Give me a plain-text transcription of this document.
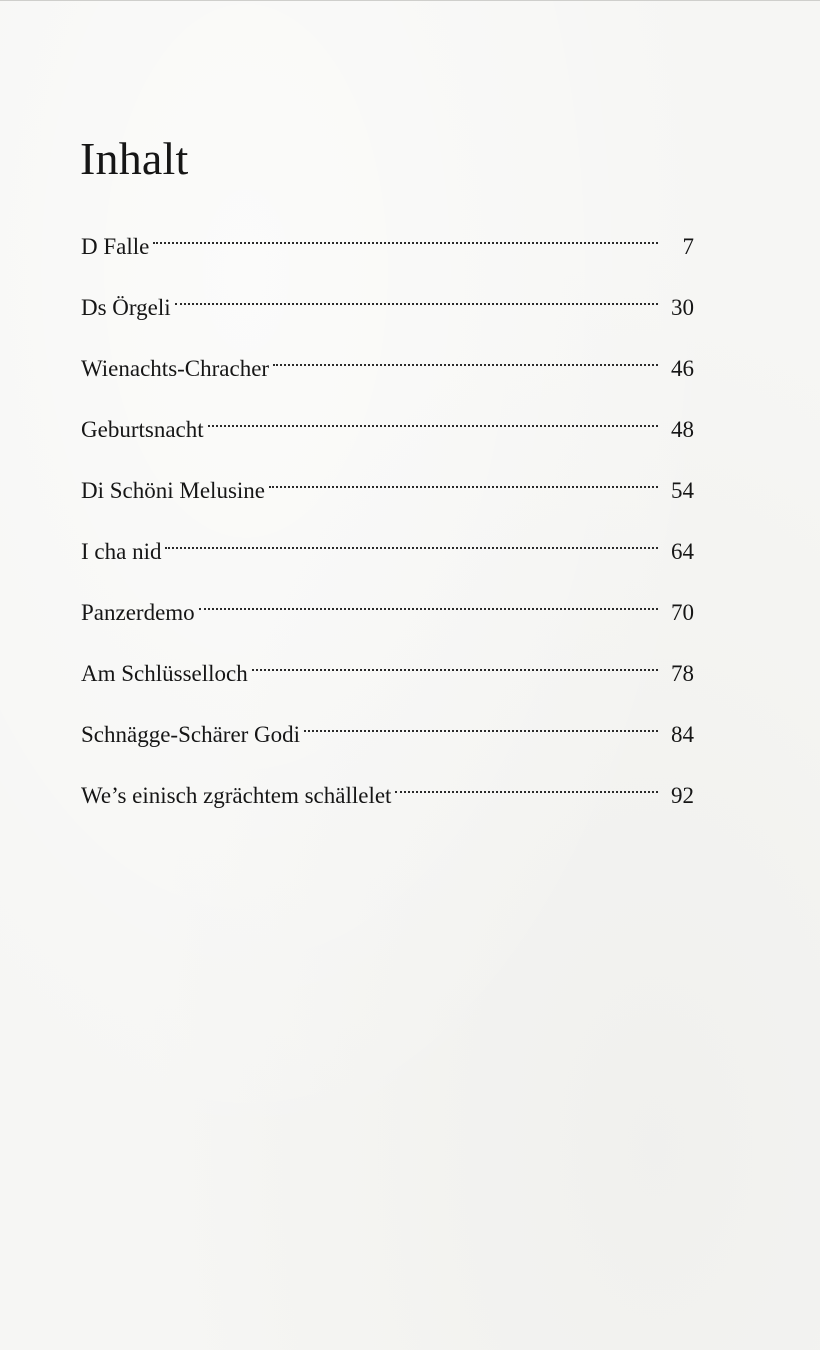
Inhalt
D Falle	7
Ds Örgeli	30
Wienachts-Chracher	46
Geburtsnacht	48
Di Schöni Melusine	54
I cha nid	64
Panzerdemo	70
Am Schlüsselloch	78
Schnägge-Schärer Godi	84
We’s einisch zgrächtem schällelet	92
